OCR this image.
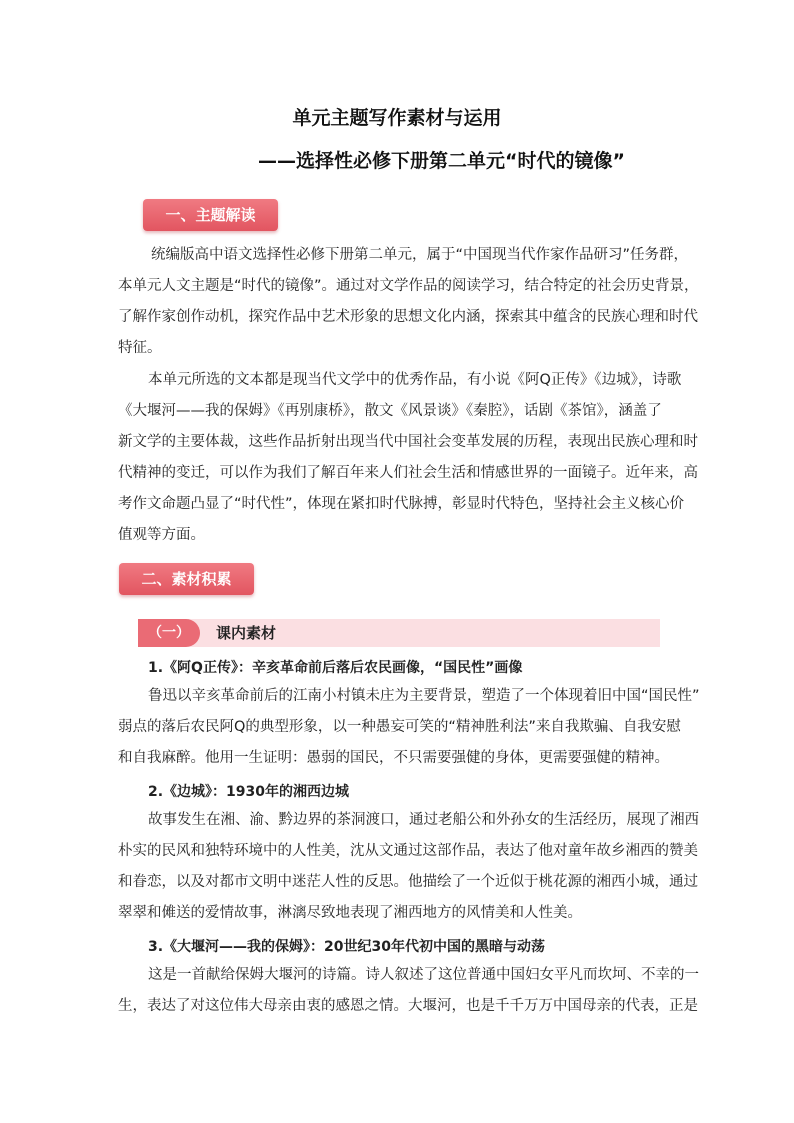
单元主题写作素材与运用
——选择性必修下册第二单元“时代的镜像”
一、主题解读
统编版高中语文选择性必修下册第二单元，属于“中国现当代作家作品研习”任务群，
本单元人文主题是“时代的镜像”。通过对文学作品的阅读学习，结合特定的社会历史背景，
了解作家创作动机，探究作品中艺术形象的思想文化内涵，探索其中蕴含的民族心理和时代
特征。
本单元所选的文本都是现当代文学中的优秀作品，有小说《阿Q正传》《边城》，诗歌
《大堰河——我的保姆》《再别康桥》，散文《风景谈》《秦腔》，话剧《茶馆》，涵盖了
新文学的主要体裁，这些作品折射出现当代中国社会变革发展的历程，表现出民族心理和时
代精神的变迁，可以作为我们了解百年来人们社会生活和情感世界的一面镜子。近年来，高
考作文命题凸显了“时代性”，体现在紧扣时代脉搏，彰显时代特色，坚持社会主义核心价
值观等方面。
二、素材积累
（一）	课内素材
1.《阿Q正传》：辛亥革命前后落后农民画像，“国民性”画像
鲁迅以辛亥革命前后的江南小村镇未庄为主要背景，塑造了一个体现着旧中国“国民性”
弱点的落后农民阿Q的典型形象，以一种愚妄可笑的“精神胜利法”来自我欺骗、自我安慰
和自我麻醉。他用一生证明：愚弱的国民，不只需要强健的身体，更需要强健的精神。
2.《边城》：1930年的湘西边城
故事发生在湘、渝、黔边界的茶洞渡口，通过老船公和外孙女的生活经历，展现了湘西
朴实的民风和独特环境中的人性美，沈从文通过这部作品，表达了他对童年故乡湘西的赞美
和眷恋，以及对都市文明中迷茫人性的反思。他描绘了一个近似于桃花源的湘西小城，通过
翠翠和傩送的爱情故事，淋漓尽致地表现了湘西地方的风情美和人性美。
3.《大堰河——我的保姆》：20世纪30年代初中国的黑暗与动荡
这是一首献给保姆大堰河的诗篇。诗人叙述了这位普通中国妇女平凡而坎坷、不幸的一
生，表达了对这位伟大母亲由衷的感恩之情。大堰河，也是千千万万中国母亲的代表，正是
